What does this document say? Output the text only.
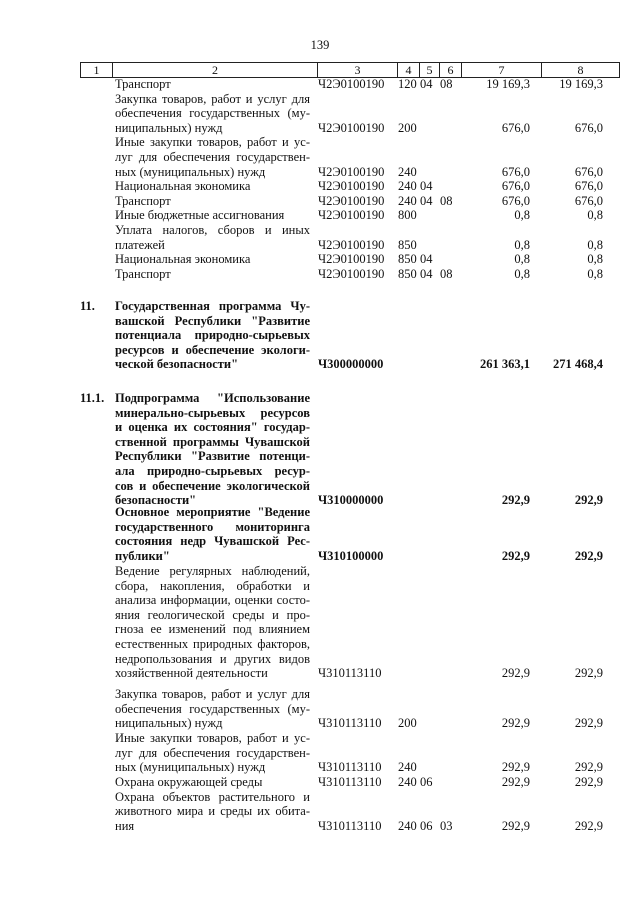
139
1	2	3	4	5	6	7	8
Транспорт	Ч2Э0100190	120 04 08	19 169,3	19 169,3
Закупка товаров, работ и услуг для
обеспечения государственных (му-
ниципальных) нужд	Ч2Э0100190	200	676,0	676,0
Иные закупки товаров, работ и ус-
луг для обеспечения государствен-
ных (муниципальных) нужд	Ч2Э0100190	240	676,0	676,0
Национальная экономика	Ч2Э0100190	240 04	676,0	676,0
Транспорт	Ч2Э0100190	240 04 08	676,0	676,0
Иные бюджетные ассигнования	Ч2Э0100190	800	0,8	0,8
Уплата налогов, сборов и иных
платежей	Ч2Э0100190	850	0,8	0,8
Национальная экономика	Ч2Э0100190	850 04	0,8	0,8
Транспорт	Ч2Э0100190	850 04 08	0,8	0,8
11.	Государственная программа Чу-
вашской Республики "Развитие
потенциала природно-сырьевых
ресурсов и обеспечение экологи-
ческой безопасности"	Ч300000000	261 363,1	271 468,4
11.1. Подпрограмма "Использование
минерально-сырьевых ресурсов
и оценка их состояния" государ-
ственной программы Чувашской
Республики "Развитие потенци-
ала природно-сырьевых ресур-
сов и обеспечение экологической
безопасности"	Ч310000000	292,9	292,9
Основное мероприятие "Ведение
государственного мониторинга
состояния недр Чувашской Рес-
публики"	Ч310100000	292,9	292,9
Ведение регулярных наблюдений,
сбора, накопления, обработки и
анализа информации, оценки состо-
яния геологической среды и про-
гноза ее изменений под влиянием
естественных природных факторов,
недропользования и других видов
хозяйственной деятельности	Ч310113110	292,9	292,9
Закупка товаров, работ и услуг для
обеспечения государственных (му-
ниципальных) нужд	Ч310113110	200	292,9	292,9
Иные закупки товаров, работ и ус-
луг для обеспечения государствен-
ных (муниципальных) нужд	Ч310113110	240	292,9	292,9
Охрана окружающей среды	Ч310113110	240 06	292,9	292,9
Охрана объектов растительного и
животного мира и среды их обита-
ния	Ч310113110	240 06 03	292,9	292,9
